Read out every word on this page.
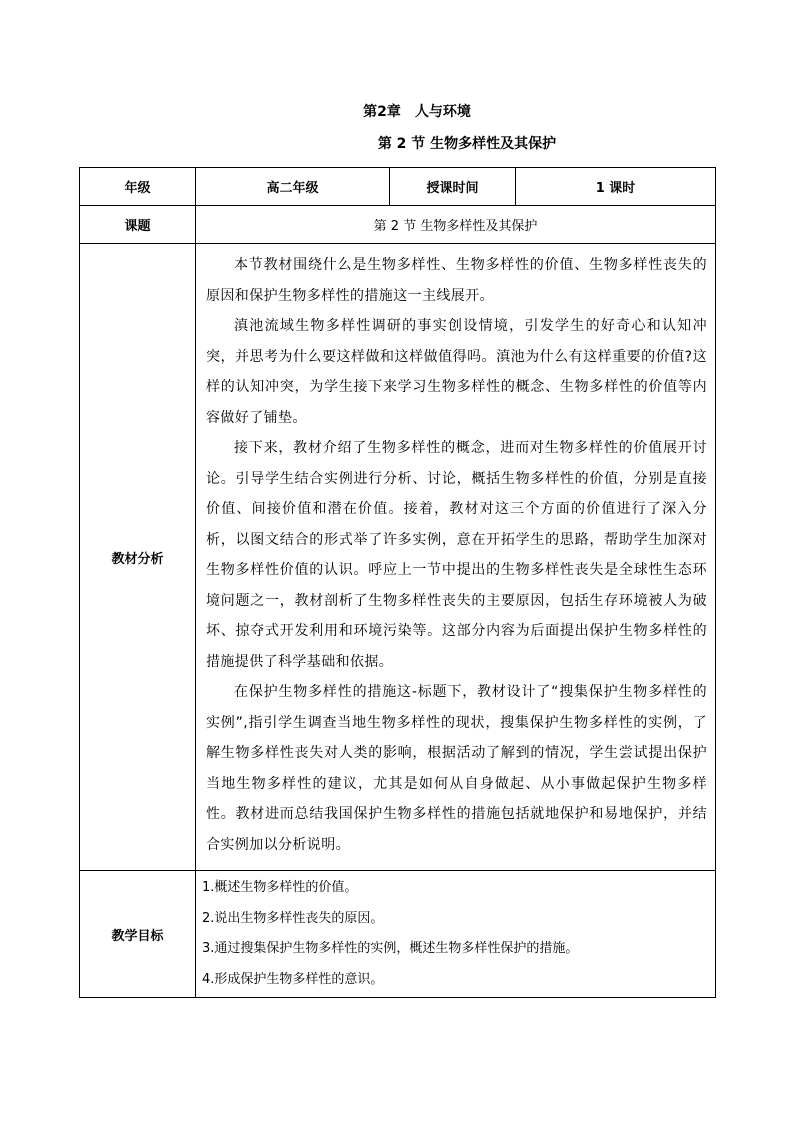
第2章　人与环境
第 2 节 生物多样性及其保护
年级	高二年级	授课时间	1 课时
课题	第 2 节 生物多样性及其保护		
教材分析	本节教材围绕什么是生物多样性、生物多样性的价值、生物多样性丧失的原因和保护生物多样性的措施这一主线展开。

滇池流域生物多样性调研的事实创设情境，引发学生的好奇心和认知冲突，并思考为什么要这样做和这样做值得吗。滇池为什么有这样重要的价值?这样的认知冲突，为学生接下来学习生物多样性的概念、生物多样性的价值等内容做好了铺垫。

接下来，教材介绍了生物多样性的概念，进而对生物多样性的价值展开讨论。引导学生结合实例进行分析、讨论，概括生物多样性的价值，分别是直接价值、间接价值和潜在价值。接着，教材对这三个方面的价值进行了深入分析，以图文结合的形式举了许多实例，意在开拓学生的思路，帮助学生加深对生物多样性价值的认识。呼应上一节中提出的生物多样性丧失是全球性生态环境问题之一，教材剖析了生物多样性丧失的主要原因，包括生存环境被人为破坏、掠夺式开发利用和环境污染等。这部分内容为后面提出保护生物多样性的措施提供了科学基础和依据。

在保护生物多样性的措施这-标题下，教材设计了“搜集保护生物多样性的实例”,指引学生调查当地生物多样性的现状，搜集保护生物多样性的实例，了解生物多样性丧失对人类的影响，根据活动了解到的情况，学生尝试提出保护当地生物多样性的建议，尤其是如何从自身做起、从小事做起保护生物多样性。教材进而总结我国保护生物多样性的措施包括就地保护和易地保护，并结合实例加以分析说明。		

教学目标	1.概述生物多样性的价值。

2.说出生物多样性丧失的原因。

3.通过搜集保护生物多样性的实例，概述生物多样性保护的措施。

4.形成保护生物多样性的意识。		
